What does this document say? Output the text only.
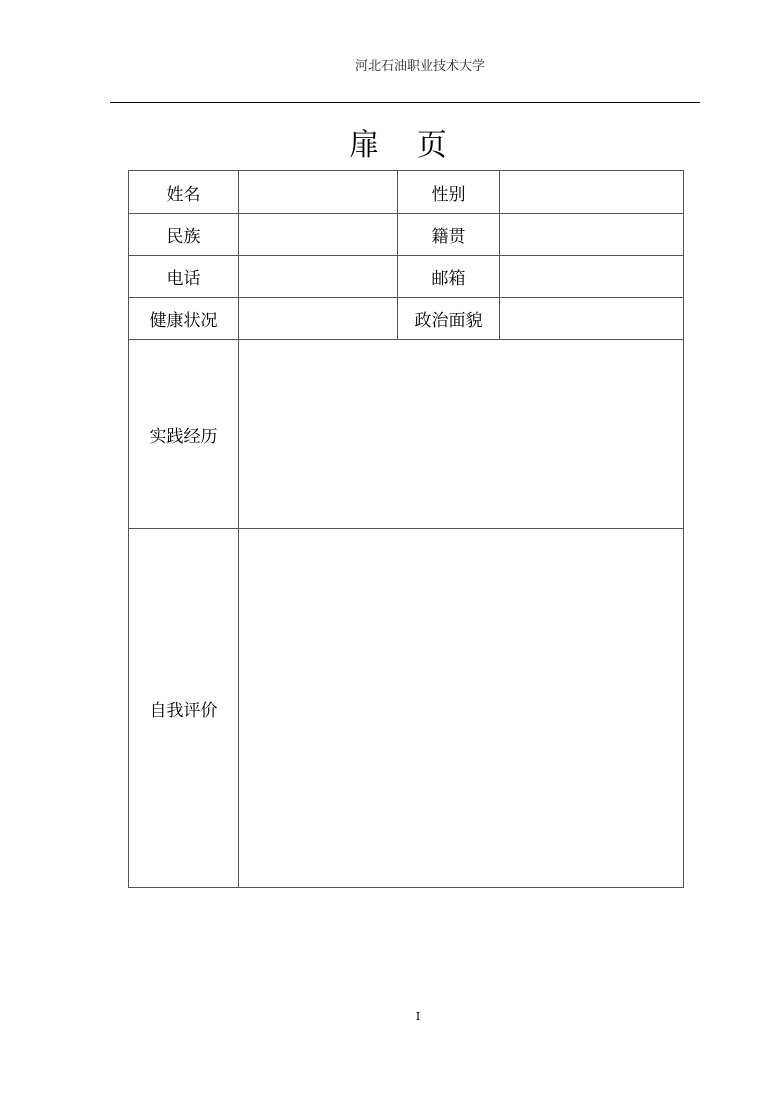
河北石油职业技术大学
扉 页
姓名		性别	
民族		籍贯	
电话		邮箱	
健康状况		政治面貌	
实践经历			
自我评价			
I
